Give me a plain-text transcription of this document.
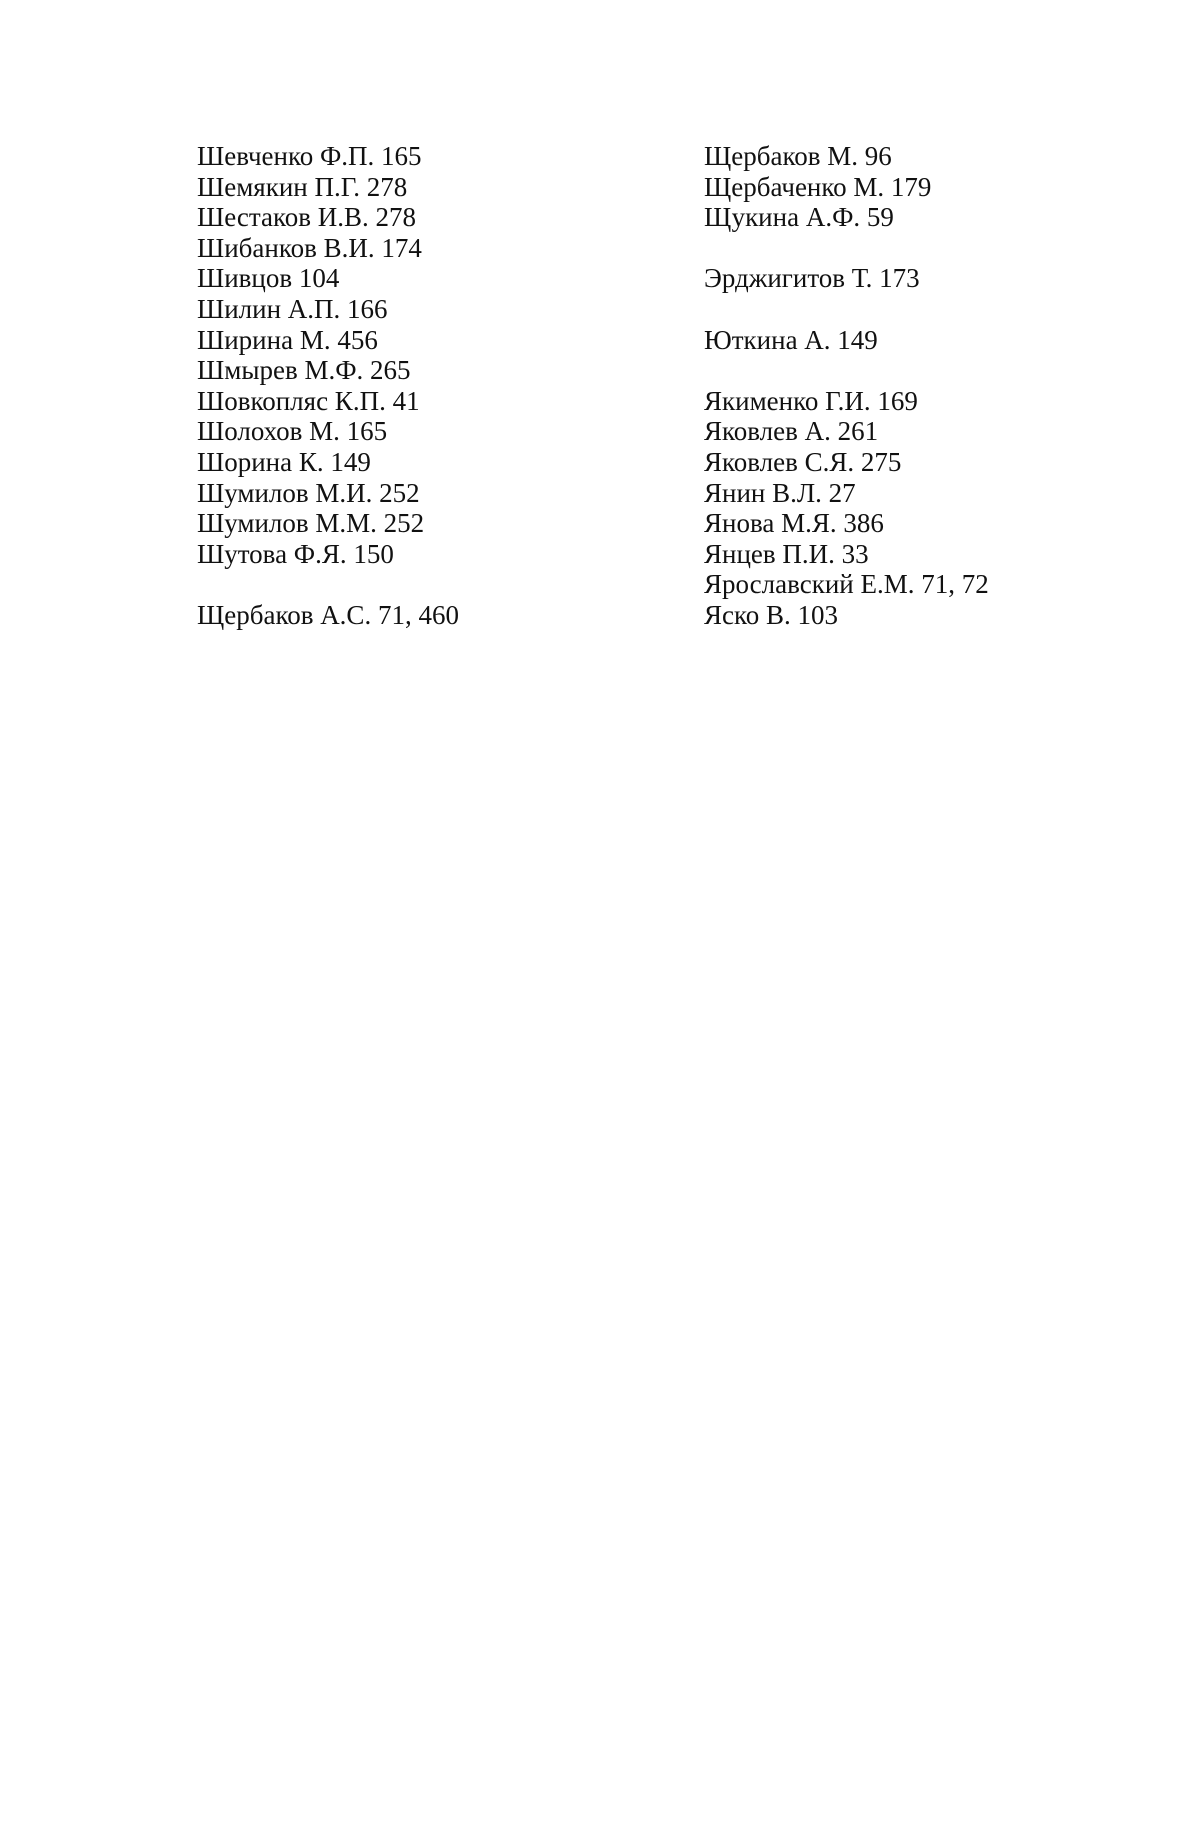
Шевченко Ф.П. 165
Шемякин П.Г. 278
Шестаков И.В. 278
Шибанков В.И. 174
Шивцов 104
Шилин А.П. 166
Ширина М. 456
Шмырев М.Ф. 265
Шовкопляс К.П. 41
Шолохов М. 165
Шорина К. 149
Шумилов М.И. 252
Шумилов М.М. 252
Шутова Ф.Я. 150
Щербаков А.С. 71, 460
Щербаков М. 96
Щербаченко М. 179
Щукина А.Ф. 59
Эрджигитов Т. 173
Юткина А. 149
Якименко Г.И. 169
Яковлев А. 261
Яковлев С.Я. 275
Янин В.Л. 27
Янова М.Я. 386
Янцев П.И. 33
Ярославский Е.М. 71, 72
Яско В. 103
